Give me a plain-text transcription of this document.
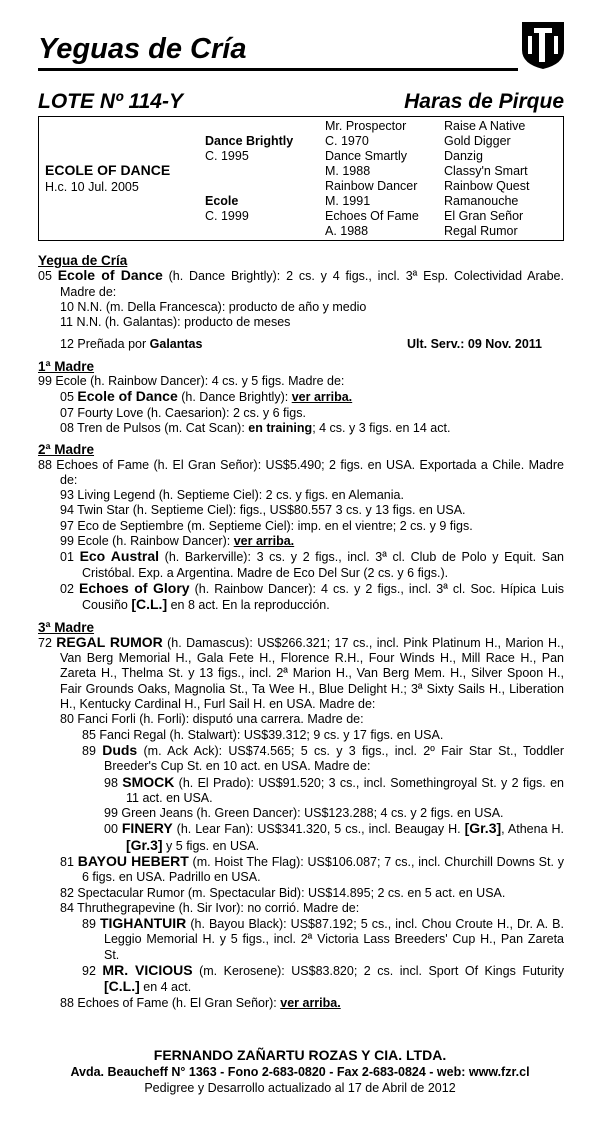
Yeguas de Cría
LOTE Nº 114-Y	Haras de Pirque
ECOLE OF DANCE
H.c. 10 Jul. 2005
Dance Brightly
C. 1995
Ecole
C. 1999
Mr. Prospector
C. 1970
Dance Smartly
M. 1988
Rainbow Dancer
M. 1991
Echoes Of Fame
A. 1988
Raise A Native
Gold Digger
Danzig
Classy'n Smart
Rainbow Quest
Ramanouche
El Gran Señor
Regal Rumor

Yegua de Cría

05 Ecole of Dance (h. Dance Brightly): 2 cs. y 4 figs., incl. 3ª Esp. Colectividad Arabe. Madre de:

10 N.N. (m. Della Francesca): producto de año y medio

11 N.N. (h. Galantas): producto de meses

12 Preñada por Galantas	Ult. Serv.: 09 Nov. 2011

1ª Madre

99 Ecole (h. Rainbow Dancer): 4 cs. y 5 figs. Madre de:

05 Ecole of Dance (h. Dance Brightly): ver arriba.

07 Fourty Love (h. Caesarion): 2 cs. y 6 figs.

08 Tren de Pulsos (m. Cat Scan): en training; 4 cs. y 3 figs. en 14 act.

2ª Madre

88 Echoes of Fame (h. El Gran Señor): US$5.490; 2 figs. en USA. Exportada a Chile. Madre de:

93 Living Legend (h. Septieme Ciel): 2 cs. y figs. en Alemania.

94 Twin Star (h. Septieme Ciel): figs., US$80.557 3 cs. y 13 figs. en USA.

97 Eco de Septiembre (m. Septieme Ciel): imp. en el vientre; 2 cs. y 9 figs.

99 Ecole (h. Rainbow Dancer): ver arriba.

01 Eco Austral (h. Barkerville): 3 cs. y 2 figs., incl. 3ª cl. Club de Polo y Equit. San Cristóbal. Exp. a Argentina. Madre de Eco Del Sur (2 cs. y 6 figs.).

02 Echoes of Glory (h. Rainbow Dancer): 4 cs. y 2 figs., incl. 3ª cl. Soc. Hípica Luis Cousiño [C.L.] en 8 act. En la reproducción.

3ª Madre

72 REGAL RUMOR (h. Damascus): US$266.321; 17 cs., incl. Pink Platinum H., Marion H., Van Berg Memorial H., Gala Fete H., Florence R.H., Four Winds H., Mill Race H., Pan Zareta H., Thelma St. y 13 figs., incl. 2ª Marion H., Van Berg Mem. H., Silver Spoon H., Fair Grounds Oaks, Magnolia St., Ta Wee H., Blue Delight H.; 3ª Sixty Sails H., Liberation H., Kentucky Cardinal H., Furl Sail H. en USA. Madre de:

80 Fanci Forli (h. Forli): disputó una carrera. Madre de:

85 Fanci Regal (h. Stalwart): US$39.312; 9 cs. y 17 figs. en USA.

89 Duds (m. Ack Ack): US$74.565; 5 cs. y 3 figs., incl. 2º Fair Star St., Toddler Breeder's Cup St. en 10 act. en USA. Madre de:

98 SMOCK (h. El Prado): US$91.520; 3 cs., incl. Somethingroyal St. y 2 figs. en 11 act. en USA.

99 Green Jeans (h. Green Dancer): US$123.288; 4 cs. y 2 figs. en USA.

00 FINERY (h. Lear Fan): US$341.320, 5 cs., incl. Beaugay H. [Gr.3], Athena H. [Gr.3] y 5 figs. en USA.

81 BAYOU HEBERT (m. Hoist The Flag): US$106.087; 7 cs., incl. Churchill Downs St. y 6 figs. en USA. Padrillo en USA.

82 Spectacular Rumor (m. Spectacular Bid): US$14.895; 2 cs. en 5 act. en USA.

84 Thruthegrapevine (h. Sir Ivor): no corrió. Madre de:

89 TIGHANTUIR (h. Bayou Black): US$87.192; 5 cs., incl. Chou Croute H., Dr. A. B. Leggio Memorial H. y 5 figs., incl. 2ª Victoria Lass Breeders' Cup H., Pan Zareta St.

92 MR. VICIOUS (m. Kerosene): US$83.820; 2 cs. incl. Sport Of Kings Futurity [C.L.] en 4 act.

88 Echoes of Fame (h. El Gran Señor): ver arriba.

FERNANDO ZAÑARTU ROZAS Y CIA. LTDA.
Avda. Beaucheff N° 1363 - Fono 2-683-0820 - Fax 2-683-0824 - web: www.fzr.cl
Pedigree y Desarrollo actualizado al 17 de Abril de 2012
